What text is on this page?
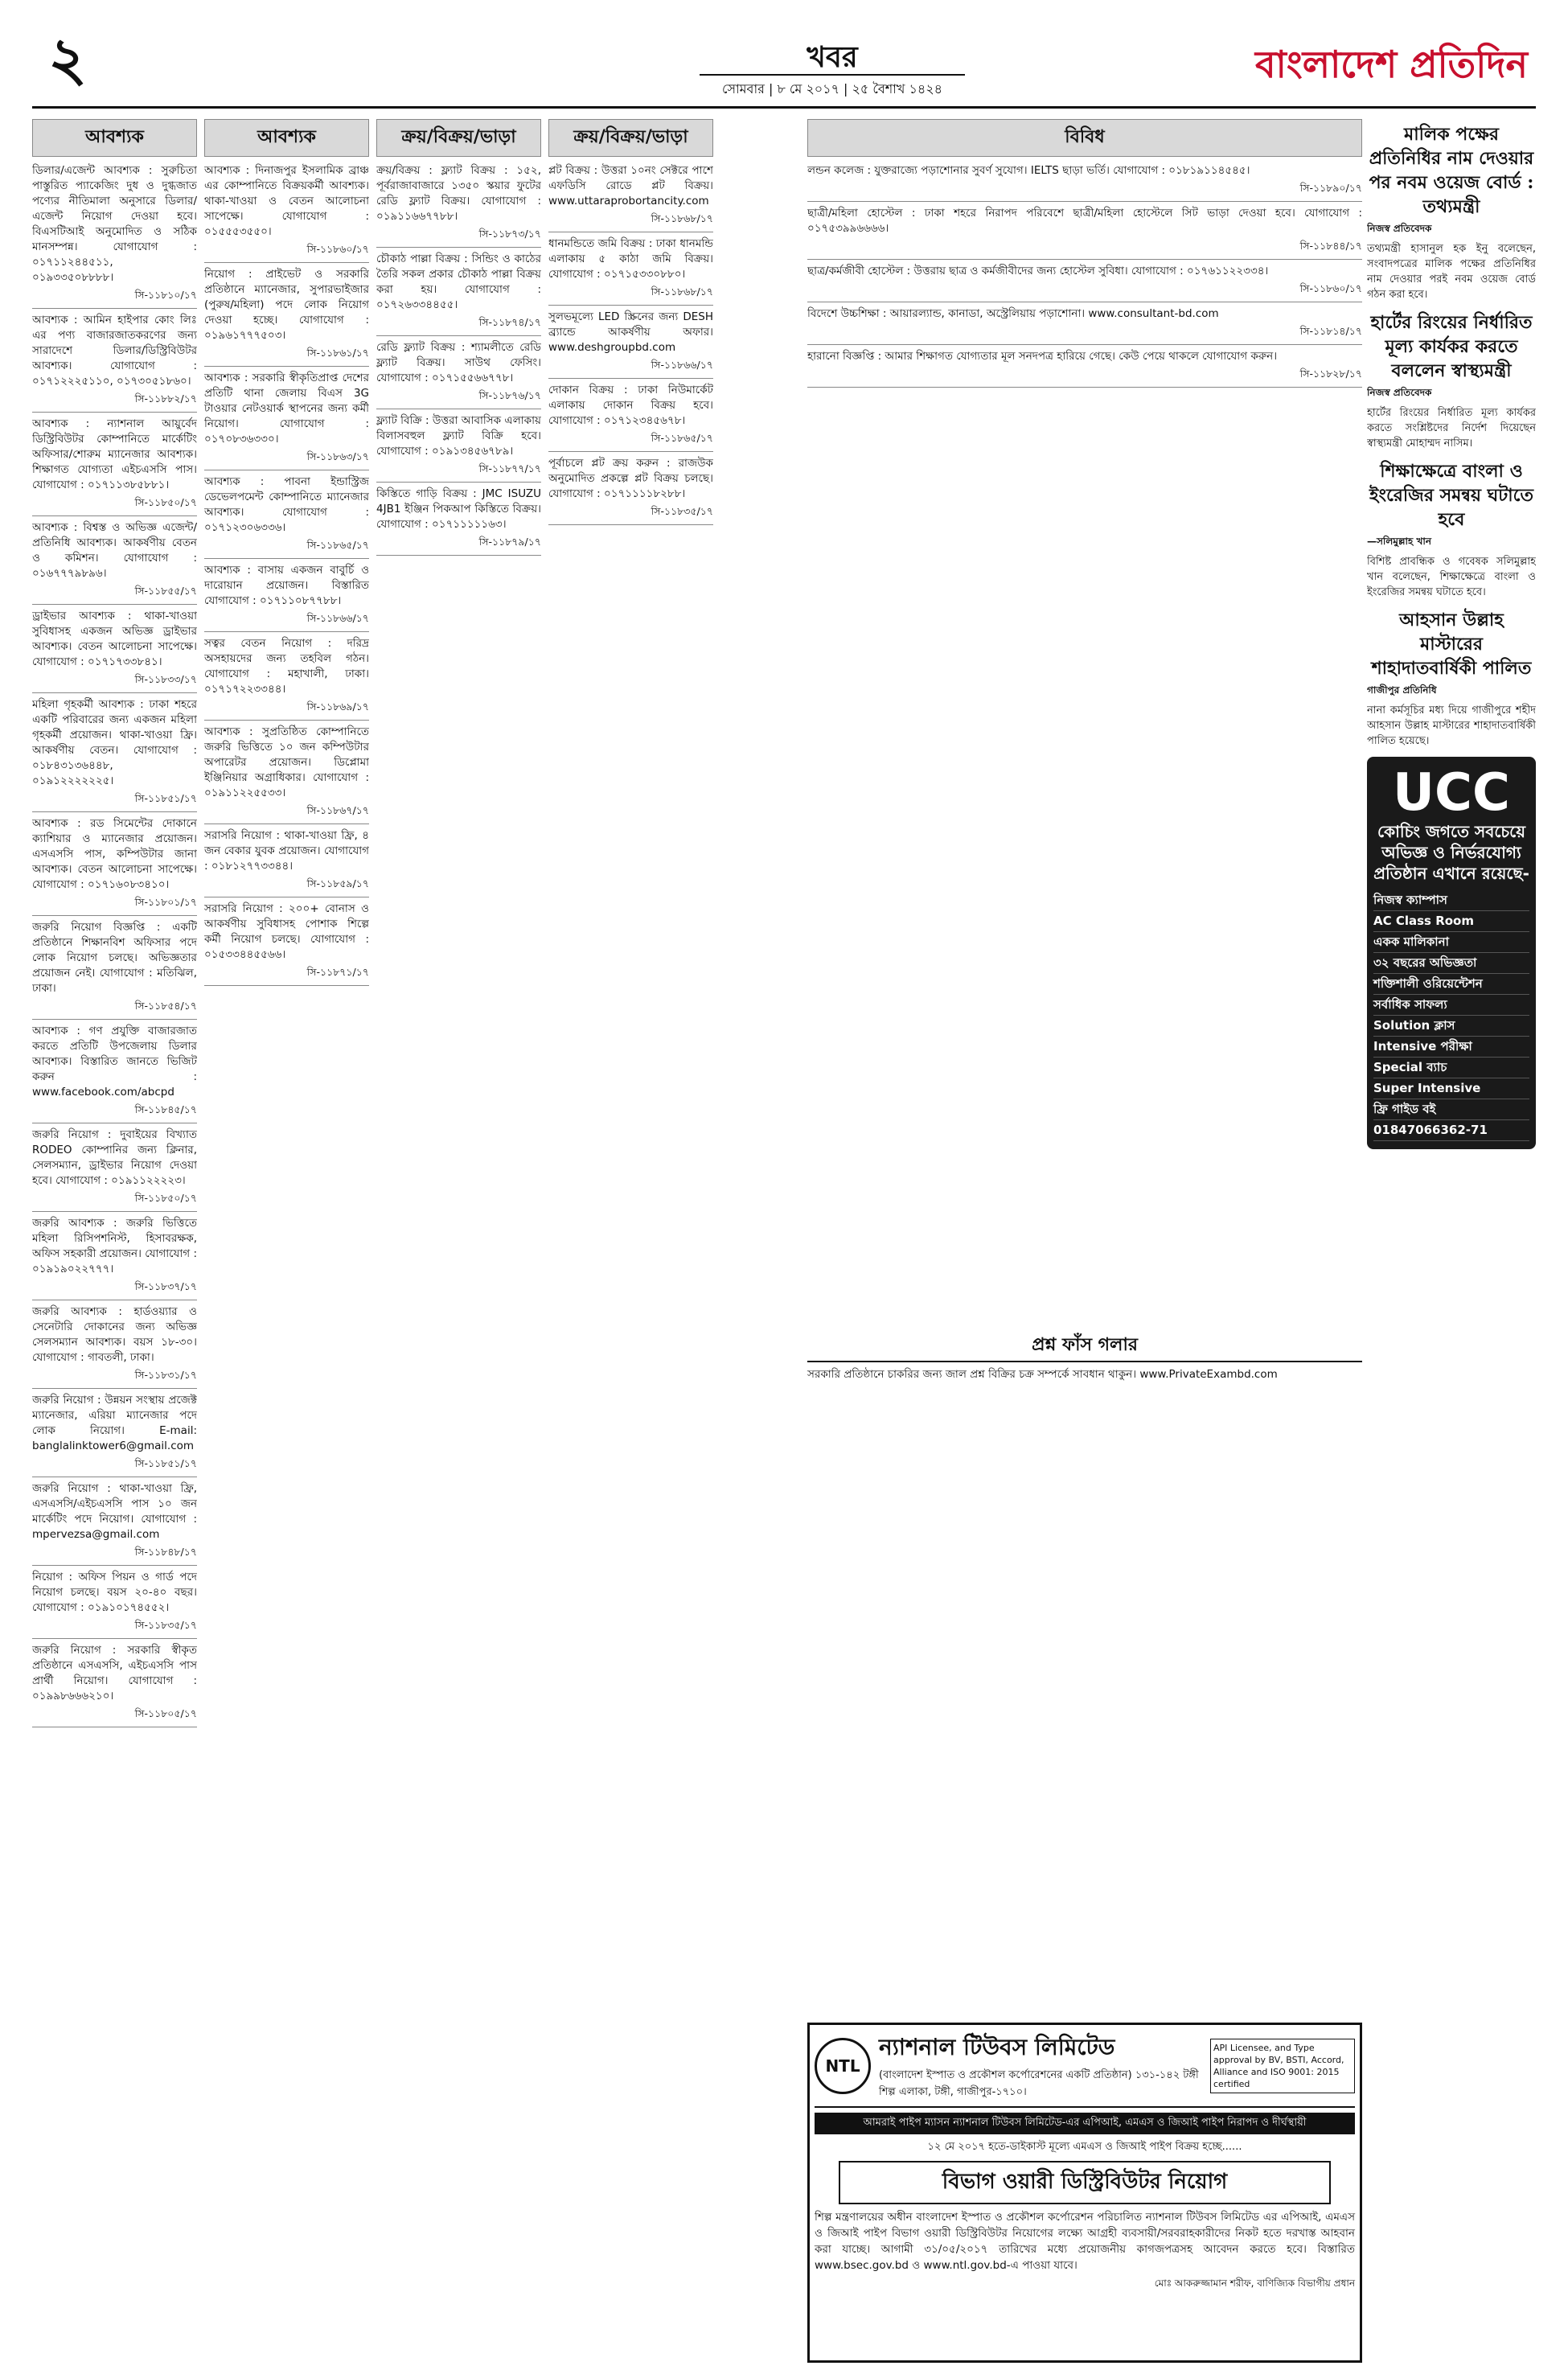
২	খবর
সোমবার | ৮ মে ২০১৭ | ২৫ বৈশাখ ১৪২৪
বাংলাদেশ প্রতিদিন
আবশ্যক
ডিলার/এজেন্ট আবশ্যক : সুরুচিতা পাস্তুরিত প্যাকেজিং দুধ ও দুগ্ধজাত পণ্যের নীতিমালা অনুসারে ডিলার/এজেন্ট নিয়োগ দেওয়া হবে। বিএসটিআই অনুমোদিত ও সঠিক মানসম্পন্ন। যোগাযোগ : ০১৭১১২৪৪৫১১, ০১৯৩৩৫০৮৮৮৮।
সি-১১৮১০/১৭
আবশ্যক : আমিন হাইপার কোং লিঃ এর পণ্য বাজারজাতকরণের জন্য সারাদেশে ডিলার/ডিস্ট্রিবিউটর আবশ্যক। যোগাযোগ : ০১৭১২২২৫১১০, ০১৭৩০৫১৮৬০।
সি-১১৮৮২/১৭
আবশ্যক : ন্যাশনাল আয়ুর্বেদ ডিস্ট্রিবিউটর কোম্পানিতে মার্কেটিং অফিসার/শোরুম ম্যানেজার আবশ্যক। শিক্ষাগত যোগ্যতা এইচএসসি পাস। যোগাযোগ : ০১৭১১৩৮৫৮৮১।
সি-১১৮৫০/১৭
আবশ্যক : বিশ্বস্ত ও অভিজ্ঞ এজেন্ট/প্রতিনিধি আবশ্যক। আকর্ষণীয় বেতন ও কমিশন। যোগাযোগ : ০১৬৭৭৭৯৮৯৬।
সি-১১৮৫৫/১৭
ড্রাইভার আবশ্যক : থাকা-খাওয়া সুবিধাসহ একজন অভিজ্ঞ ড্রাইভার আবশ্যক। বেতন আলোচনা সাপেক্ষে। যোগাযোগ : ০১৭১৭৩৩৮৪১।
সি-১১৮৩৩/১৭
মহিলা গৃহকর্মী আবশ্যক : ঢাকা শহরে একটি পরিবারের জন্য একজন মহিলা গৃহকর্মী প্রয়োজন। থাকা-খাওয়া ফ্রি। আকর্ষণীয় বেতন। যোগাযোগ : ০১৮৪৩১৩৬৪৪৮, ০১৯১২২২২২২৫।
সি-১১৮৫১/১৭
আবশ্যক : রড সিমেন্টের দোকানে ক্যাশিয়ার ও ম্যানেজার প্রয়োজন। এসএসসি পাস, কম্পিউটার জানা আবশ্যক। বেতন আলোচনা সাপেক্ষে। যোগাযোগ : ০১৭১৬০৮৩৪১০।
সি-১১৮০১/১৭
জরুরি নিয়োগ বিজ্ঞপ্তি : একটি প্রতিষ্ঠানে শিক্ষানবিশ অফিসার পদে লোক নিয়োগ চলছে। অভিজ্ঞতার প্রয়োজন নেই। যোগাযোগ : মতিঝিল, ঢাকা।
সি-১১৮৫৪/১৭
আবশ্যক : গণ প্রযুক্তি বাজারজাত করতে প্রতিটি উপজেলায় ডিলার আবশ্যক। বিস্তারিত জানতে ভিজিট করুন : www.facebook.com/abcpd
সি-১১৮৪৫/১৭
জরুরি নিয়োগ : দুবাইয়ের বিখ্যাত RODEO কোম্পানির জন্য ক্লিনার, সেলসম্যান, ড্রাইভার নিয়োগ দেওয়া হবে। যোগাযোগ : ০১৯১১২২২২৩।
সি-১১৮৫০/১৭
জরুরি আবশ্যক : জরুরি ভিত্তিতে মহিলা রিসিপশনিস্ট, হিসাবরক্ষক, অফিস সহকারী প্রয়োজন। যোগাযোগ : ০১৯১৯০২২৭৭৭।
সি-১১৮৩৭/১৭
জরুরি আবশ্যক : হার্ডওয়্যার ও সেনেটারি দোকানের জন্য অভিজ্ঞ সেলসম্যান আবশ্যক। বয়স ১৮-৩০। যোগাযোগ : গাবতলী, ঢাকা।
সি-১১৮৩১/১৭
জরুরি নিয়োগ : উন্নয়ন সংস্থায় প্রজেক্ট ম্যানেজার, এরিয়া ম্যানেজার পদে লোক নিয়োগ। E-mail: banglalinktower6@gmail.com
সি-১১৮৫১/১৭
জরুরি নিয়োগ : থাকা-খাওয়া ফ্রি, এসএসসি/এইচএসসি পাস ১০ জন মার্কেটিং পদে নিয়োগ। যোগাযোগ : mpervezsa@gmail.com
সি-১১৮৪৮/১৭
নিয়োগ : অফিস পিয়ন ও গার্ড পদে নিয়োগ চলছে। বয়স ২০-৪০ বছর। যোগাযোগ : ০১৯১০১৭৪৫৫২।
সি-১১৮৩৫/১৭
জরুরি নিয়োগ : সরকারি স্বীকৃত প্রতিষ্ঠানে এসএসসি, এইচএসসি পাস প্রার্থী নিয়োগ। যোগাযোগ : ০১৯৯৮৬৬৬২১০।
সি-১১৮০৫/১৭
আবশ্যক
আবশ্যক : দিনাজপুর ইসলামিক ব্রাঞ্চ এর কোম্পানিতে বিক্রয়কর্মী আবশ্যক। থাকা-খাওয়া ও বেতন আলোচনা সাপেক্ষে। যোগাযোগ : ০১৫৫৫৩৫৫০।
সি-১১৮৬০/১৭
নিয়োগ : প্রাইভেট ও সরকারি প্রতিষ্ঠানে ম্যানেজার, সুপারভাইজার (পুরুষ/মহিলা) পদে লোক নিয়োগ দেওয়া হচ্ছে। যোগাযোগ : ০১৯৬১৭৭৭৫০৩।
সি-১১৮৬১/১৭
আবশ্যক : সরকারি স্বীকৃতিপ্রাপ্ত দেশের প্রতিটি থানা জেলায় বিএস 3G টাওয়ার নেটওয়ার্ক স্থাপনের জন্য কর্মী নিয়োগ। যোগাযোগ : ০১৭০৮৩৬৩৩০।
সি-১১৮৬৩/১৭
আবশ্যক : পাবনা ইন্ডাস্ট্রিজ ডেভেলপমেন্ট কোম্পানিতে ম্যানেজার আবশ্যক। যোগাযোগ : ০১৭১২৩০৬৩৩৬।
সি-১১৮৬৫/১৭
আবশ্যক : বাসায় একজন বাবুর্চি ও দারোয়ান প্রয়োজন। বিস্তারিত যোগাযোগ : ০১৭১১০৮৭৭৮৮।
সি-১১৮৬৬/১৭
সত্বর বেতন নিয়োগ : দরিদ্র অসহায়দের জন্য তহবিল গঠন। যোগাযোগ : মহাখালী, ঢাকা। ০১৭১৭২২৩৩৪৪।
সি-১১৮৬৯/১৭
আবশ্যক : সুপ্রতিষ্ঠিত কোম্পানিতে জরুরি ভিত্তিতে ১০ জন কম্পিউটার অপারেটর প্রয়োজন। ডিপ্লোমা ইঞ্জিনিয়ার অগ্রাধিকার। যোগাযোগ : ০১৯১১২২৫৫৩৩।
সি-১১৮৬৭/১৭
সরাসরি নিয়োগ : থাকা-খাওয়া ফ্রি, ৪ জন বেকার যুবক প্রয়োজন। যোগাযোগ : ০১৮১২৭৭৩৩৪৪।
সি-১১৮৫৯/১৭
সরাসরি নিয়োগ : ২০০+ বোনাস ও আকর্ষণীয় সুবিধাসহ পোশাক শিল্পে কর্মী নিয়োগ চলছে। যোগাযোগ : ০১৫৩৩৪৪৫৫৬৬।
সি-১১৮৭১/১৭
ক্রয়/বিক্রয়/ভাড়া
ক্রয়/বিক্রয় : ফ্ল্যাট বিক্রয় : ১৫২, পূর্বরাজাবাজারে ১৩৫০ স্কয়ার ফুটের রেডি ফ্ল্যাট বিক্রয়। যোগাযোগ : ০১৯১১৬৬৭৭৮৮।
সি-১১৮৭৩/১৭
চৌকাঠ পাল্লা বিক্রয় : সিন্ডিং ও কাঠের তৈরি সকল প্রকার চৌকাঠ পাল্লা বিক্রয় করা হয়। যোগাযোগ : ০১৭২৬৩৩৪৪৫৫।
সি-১১৮৭৪/১৭
রেডি ফ্ল্যাট বিক্রয় : শ্যামলীতে রেডি ফ্ল্যাট বিক্রয়। সাউথ ফেসিং। যোগাযোগ : ০১৭১৫৫৬৬৭৭৮।
সি-১১৮৭৬/১৭
ফ্ল্যাট বিক্রি : উত্তরা আবাসিক এলাকায় বিলাসবহুল ফ্ল্যাট বিক্রি হবে। যোগাযোগ : ০১৯১৩৪৫৬৭৮৯।
সি-১১৮৭৭/১৭
কিস্তিতে গাড়ি বিক্রয় : JMC ISUZU 4JB1 ইঞ্জিন পিকআপ কিস্তিতে বিক্রয়। যোগাযোগ : ০১৭১১১১১৬৩।
সি-১১৮৭৯/১৭
ক্রয়/বিক্রয়/ভাড়া
প্লট বিক্রয় : উত্তরা ১০নং সেক্টরে পাশে এফডিসি রোডে প্লট বিক্রয়। www.uttaraprobortancity.com
সি-১১৮৬৮/১৭
ধানমন্ডিতে জমি বিক্রয় : ঢাকা ধানমন্ডি এলাকায় ৫ কাঠা জমি বিক্রয়। যোগাযোগ : ০১৭১৫৩৩০৮৮০।
সি-১১৮৬৮/১৭
সুলভমূল্যে LED স্ক্রিনের জন্য DESH ব্র্যান্ডে আকর্ষণীয় অফার। www.deshgroupbd.com
সি-১১৮৬৬/১৭
দোকান বিক্রয় : ঢাকা নিউমার্কেট এলাকায় দোকান বিক্রয় হবে। যোগাযোগ : ০১৭১২৩৪৫৬৭৮।
সি-১১৮৬৫/১৭
পূর্বাচলে প্লট ক্রয় করুন : রাজউক অনুমোদিত প্রকল্পে প্লট বিক্রয় চলছে। যোগাযোগ : ০১৭১১১১৮২৮৮।
সি-১১৮৩৫/১৭
বিবিধ
লন্ডন কলেজ : যুক্তরাজ্যে পড়াশোনার সুবর্ণ সুযোগ। IELTS ছাড়া ভর্তি। যোগাযোগ : ০১৮১৯১১৪৫৪৫।
সি-১১৮৯০/১৭
ছাত্রী/মহিলা হোস্টেল : ঢাকা শহরে নিরাপদ পরিবেশে ছাত্রী/মহিলা হোস্টেলে সিট ভাড়া দেওয়া হবে। যোগাযোগ : ০১৭৫৩৯৯৬৬৬৬।
সি-১১৮৪৪/১৭
ছাত্র/কর্মজীবী হোস্টেল : উত্তরায় ছাত্র ও কর্মজীবীদের জন্য হোস্টেল সুবিধা। যোগাযোগ : ০১৭৬১১২২৩৩৪।
সি-১১৮৬০/১৭
বিদেশে উচ্চশিক্ষা : আয়ারল্যান্ড, কানাডা, অস্ট্রেলিয়ায় পড়াশোনা। www.consultant-bd.com
সি-১১৮১৪/১৭
হারানো বিজ্ঞপ্তি : আমার শিক্ষাগত যোগ্যতার মূল সনদপত্র হারিয়ে গেছে। কেউ পেয়ে থাকলে যোগাযোগ করুন।
সি-১১৮২৮/১৭
প্রশ্ন ফাঁস গলার
সরকারি প্রতিষ্ঠানে চাকরির জন্য জাল প্রশ্ন বিক্রির চক্র সম্পর্কে সাবধান থাকুন। www.PrivateExambd.com
NTL
ন্যাশনাল টিউবস লিমিটেড
(বাংলাদেশ ইস্পাত ও প্রকৌশল কর্পোরেশনের একটি প্রতিষ্ঠান) ১৩১-১৪২ টঙ্গী শিল্প এলাকা, টঙ্গী, গাজীপুর-১৭১০।
API Licensee, and Type approval by BV, BSTI, Accord, Alliance and ISO 9001: 2015 certified
আমরাই পাইপ ম্যাসন ন্যাশনাল টিউবস লিমিটেড-এর এপিআই, এমএস ও জিআই পাইপ নিরাপদ ও দীর্ঘস্থায়ী
১২ মে ২০১৭ হতে-ডাইকাস্ট মূল্যে এমএস ও জিআই পাইপ বিক্রয় হচ্ছে......
বিভাগ ওয়ারী ডিস্ট্রিবিউটর নিয়োগ
শিল্প মন্ত্রণালয়ের অধীন বাংলাদেশ ইস্পাত ও প্রকৌশল কর্পোরেশন পরিচালিত ন্যাশনাল টিউবস লিমিটেড এর এপিআই, এমএস ও জিআই পাইপ বিভাগ ওয়ারী ডিস্ট্রিবিউটর নিয়োগের লক্ষ্যে আগ্রহী ব্যবসায়ী/সরবরাহকারীদের নিকট হতে দরখাস্ত আহবান করা যাচ্ছে। আগামী ৩১/০৫/২০১৭ তারিখের মধ্যে প্রয়োজনীয় কাগজপত্রসহ আবেদন করতে হবে। বিস্তারিত www.bsec.gov.bd ও www.ntl.gov.bd-এ পাওয়া যাবে।
মোঃ আকরুজ্জামান শরীফ, বাণিজ্যিক বিভাগীয় প্রধান
মালিক পক্ষের প্রতিনিধির নাম দেওয়ার পর নবম ওয়েজ বোর্ড : তথ্যমন্ত্রী
নিজস্ব প্রতিবেদক

তথ্যমন্ত্রী হাসানুল হক ইনু বলেছেন, সংবাদপত্রের মালিক পক্ষের প্রতিনিধির নাম দেওয়ার পরই নবম ওয়েজ বোর্ড গঠন করা হবে।

হার্টের রিংয়ের নির্ধারিত মূল্য কার্যকর করতে বললেন স্বাস্থ্যমন্ত্রী
নিজস্ব প্রতিবেদক

হার্টের রিংয়ের নির্ধারিত মূল্য কার্যকর করতে সংশ্লিষ্টদের নির্দেশ দিয়েছেন স্বাস্থ্যমন্ত্রী মোহাম্মদ নাসিম।

শিক্ষাক্ষেত্রে বাংলা ও ইংরেজির সমন্বয় ঘটাতে হবে
—সলিমুল্লাহ খান

বিশিষ্ট প্রাবন্ধিক ও গবেষক সলিমুল্লাহ খান বলেছেন, শিক্ষাক্ষেত্রে বাংলা ও ইংরেজির সমন্বয় ঘটাতে হবে।

আহসান উল্লাহ মাস্টারের শাহাদাতবার্ষিকী পালিত
গাজীপুর প্রতিনিধি

নানা কর্মসূচির মধ্য দিয়ে গাজীপুরে শহীদ আহসান উল্লাহ মাস্টারের শাহাদাতবার্ষিকী পালিত হয়েছে।

UCC
কোচিং জগতে সবচেয়ে অভিজ্ঞ ও নির্ভরযোগ্য প্রতিষ্ঠান এখানে রয়েছে-
নিজস্ব ক্যাম্পাস
AC Class Room
একক মালিকানা
৩২ বছরের অভিজ্ঞতা
শক্তিশালী ওরিয়েন্টেশন
সর্বাধিক সাফল্য
Solution ক্লাস
Intensive পরীক্ষা
Special ব্যাচ
Super Intensive
ফ্রি গাইড বই
01847066362-71
